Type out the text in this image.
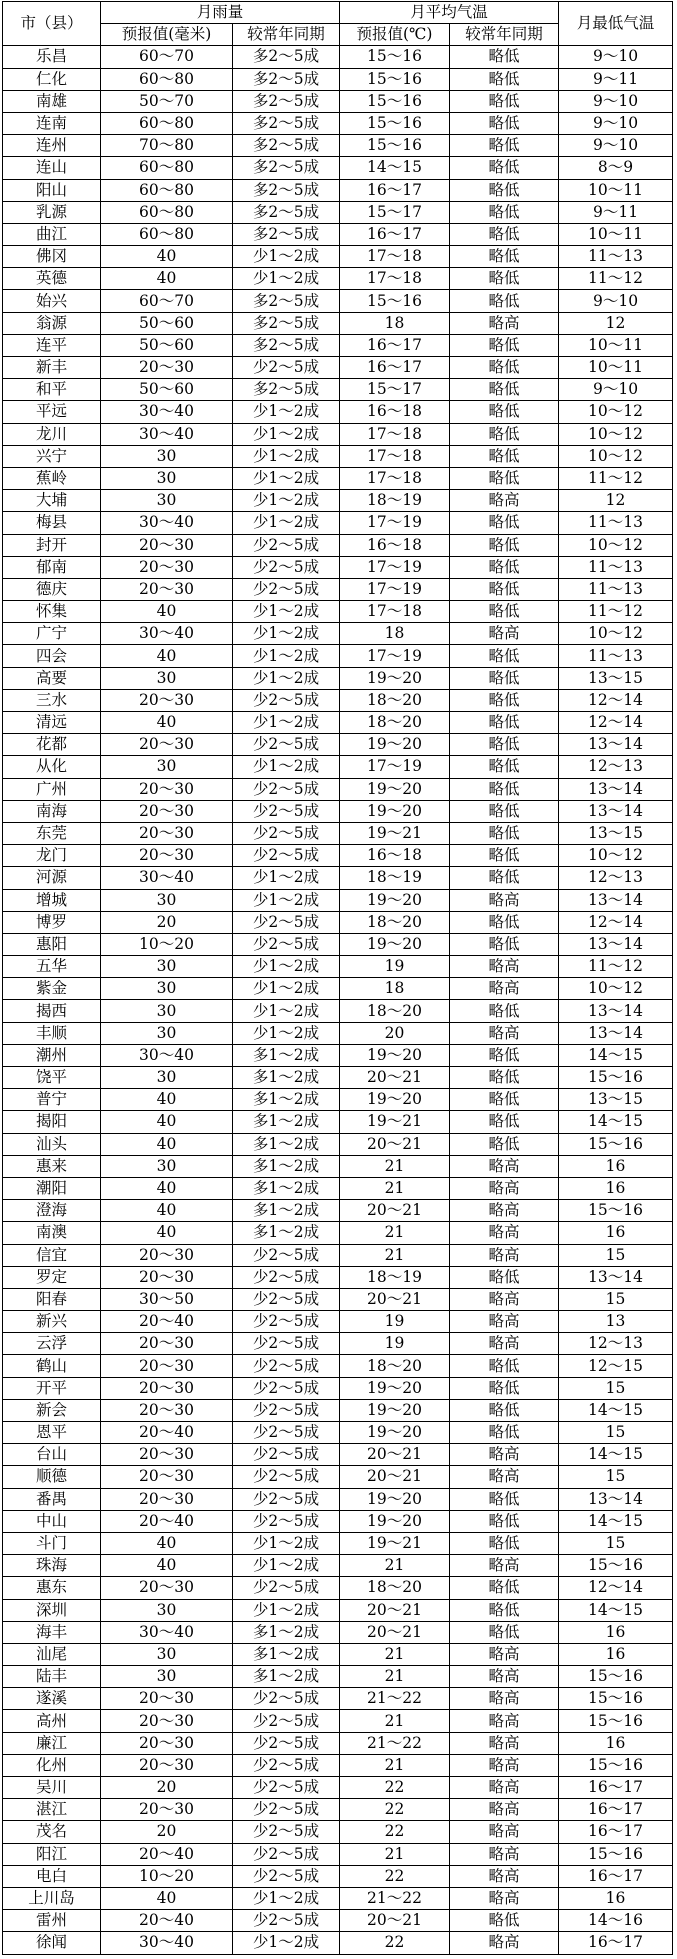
市（县）	月雨量		月平均气温		月最低气温
	预报值(毫米)	较常年同期	预报值(℃)	较常年同期	
乐昌	60～70	多2～5成	15～16	略低	9～10
仁化	60～80	多2～5成	15～16	略低	9～11
南雄	50～70	多2～5成	15～16	略低	9～10
连南	60～80	多2～5成	15～16	略低	9～10
连州	70～80	多2～5成	15～16	略低	9～10
连山	60～80	多2～5成	14～15	略低	8～9
阳山	60～80	多2～5成	16～17	略低	10～11
乳源	60～80	多2～5成	15～17	略低	9～11
曲江	60～80	多2～5成	16～17	略低	10～11
佛冈	40	少1～2成	17～18	略低	11～13
英德	40	少1～2成	17～18	略低	11～12
始兴	60～70	多2～5成	15～16	略低	9～10
翁源	50～60	多2～5成	18	略高	12
连平	50～60	多2～5成	16～17	略低	10～11
新丰	20～30	少2～5成	16～17	略低	10～11
和平	50～60	多2～5成	15～17	略低	9～10
平远	30～40	少1～2成	16～18	略低	10～12
龙川	30～40	少1～2成	17～18	略低	10～12
兴宁	30	少1～2成	17～18	略低	10～12
蕉岭	30	少1～2成	17～18	略低	11～12
大埔	30	少1～2成	18～19	略高	12
梅县	30～40	少1～2成	17～19	略低	11～13
封开	20～30	少2～5成	16～18	略低	10～12
郁南	20～30	少2～5成	17～19	略低	11～13
德庆	20～30	少2～5成	17～19	略低	11～13
怀集	40	少1～2成	17～18	略低	11～12
广宁	30～40	少1～2成	18	略高	10～12
四会	40	少1～2成	17～19	略低	11～13
高要	30	少1～2成	19～20	略低	13～15
三水	20～30	少2～5成	18～20	略低	12～14
清远	40	少1～2成	18～20	略低	12～14
花都	20～30	少2～5成	19～20	略低	13～14
从化	30	少1～2成	17～19	略低	12～13
广州	20～30	少2～5成	19～20	略低	13～14
南海	20～30	少2～5成	19～20	略低	13～14
东莞	20～30	少2～5成	19～21	略低	13～15
龙门	20～30	少2～5成	16～18	略低	10～12
河源	30～40	少1～2成	18～19	略低	12～13
增城	30	少1～2成	19～20	略高	13～14
博罗	20	少2～5成	18～20	略低	12～14
惠阳	10～20	少2～5成	19～20	略低	13～14
五华	30	少1～2成	19	略高	11～12
紫金	30	少1～2成	18	略高	10～12
揭西	30	少1～2成	18～20	略低	13～14
丰顺	30	少1～2成	20	略高	13～14
潮州	30～40	多1～2成	19～20	略低	14～15
饶平	30	多1～2成	20～21	略低	15～16
普宁	40	多1～2成	19～20	略低	13～15
揭阳	40	多1～2成	19～21	略低	14～15
汕头	40	多1～2成	20～21	略低	15～16
惠来	30	多1～2成	21	略高	16
潮阳	40	多1～2成	21	略高	16
澄海	40	多1～2成	20～21	略高	15～16
南澳	40	多1～2成	21	略高	16
信宜	20～30	少2～5成	21	略高	15
罗定	20～30	少2～5成	18～19	略低	13～14
阳春	30～50	少2～5成	20～21	略高	15
新兴	20～40	少2～5成	19	略高	13
云浮	20～30	少2～5成	19	略高	12～13
鹤山	20～30	少2～5成	18～20	略低	12～15
开平	20～30	少2～5成	19～20	略低	15
新会	20～30	少2～5成	19～20	略低	14～15
恩平	20～40	少2～5成	19～20	略低	15
台山	20～30	少2～5成	20～21	略高	14～15
顺德	20～30	少2～5成	20～21	略高	15
番禺	20～30	少2～5成	19～20	略低	13～14
中山	20～40	少2～5成	19～20	略低	14～15
斗门	40	少1～2成	19～21	略低	15
珠海	40	少1～2成	21	略高	15～16
惠东	20～30	少2～5成	18～20	略低	12～14
深圳	30	少1～2成	20～21	略低	14～15
海丰	30～40	多1～2成	20～21	略低	16
汕尾	30	多1～2成	21	略高	16
陆丰	30	多1～2成	21	略高	15～16
遂溪	20～30	少2～5成	21～22	略高	15～16
高州	20～30	少2～5成	21	略高	15～16
廉江	20～30	少2～5成	21～22	略高	16
化州	20～30	少2～5成	21	略高	15～16
吴川	20	少2～5成	22	略高	16～17
湛江	20～30	少2～5成	22	略高	16～17
茂名	20	少2～5成	22	略高	16～17
阳江	20～40	少2～5成	21	略高	15～16
电白	10～20	少2～5成	22	略高	16～17
上川岛	40	少1～2成	21～22	略高	16
雷州	20～40	少2～5成	20～21	略低	14～16
徐闻	30～40	少1～2成	22	略高	16～17
